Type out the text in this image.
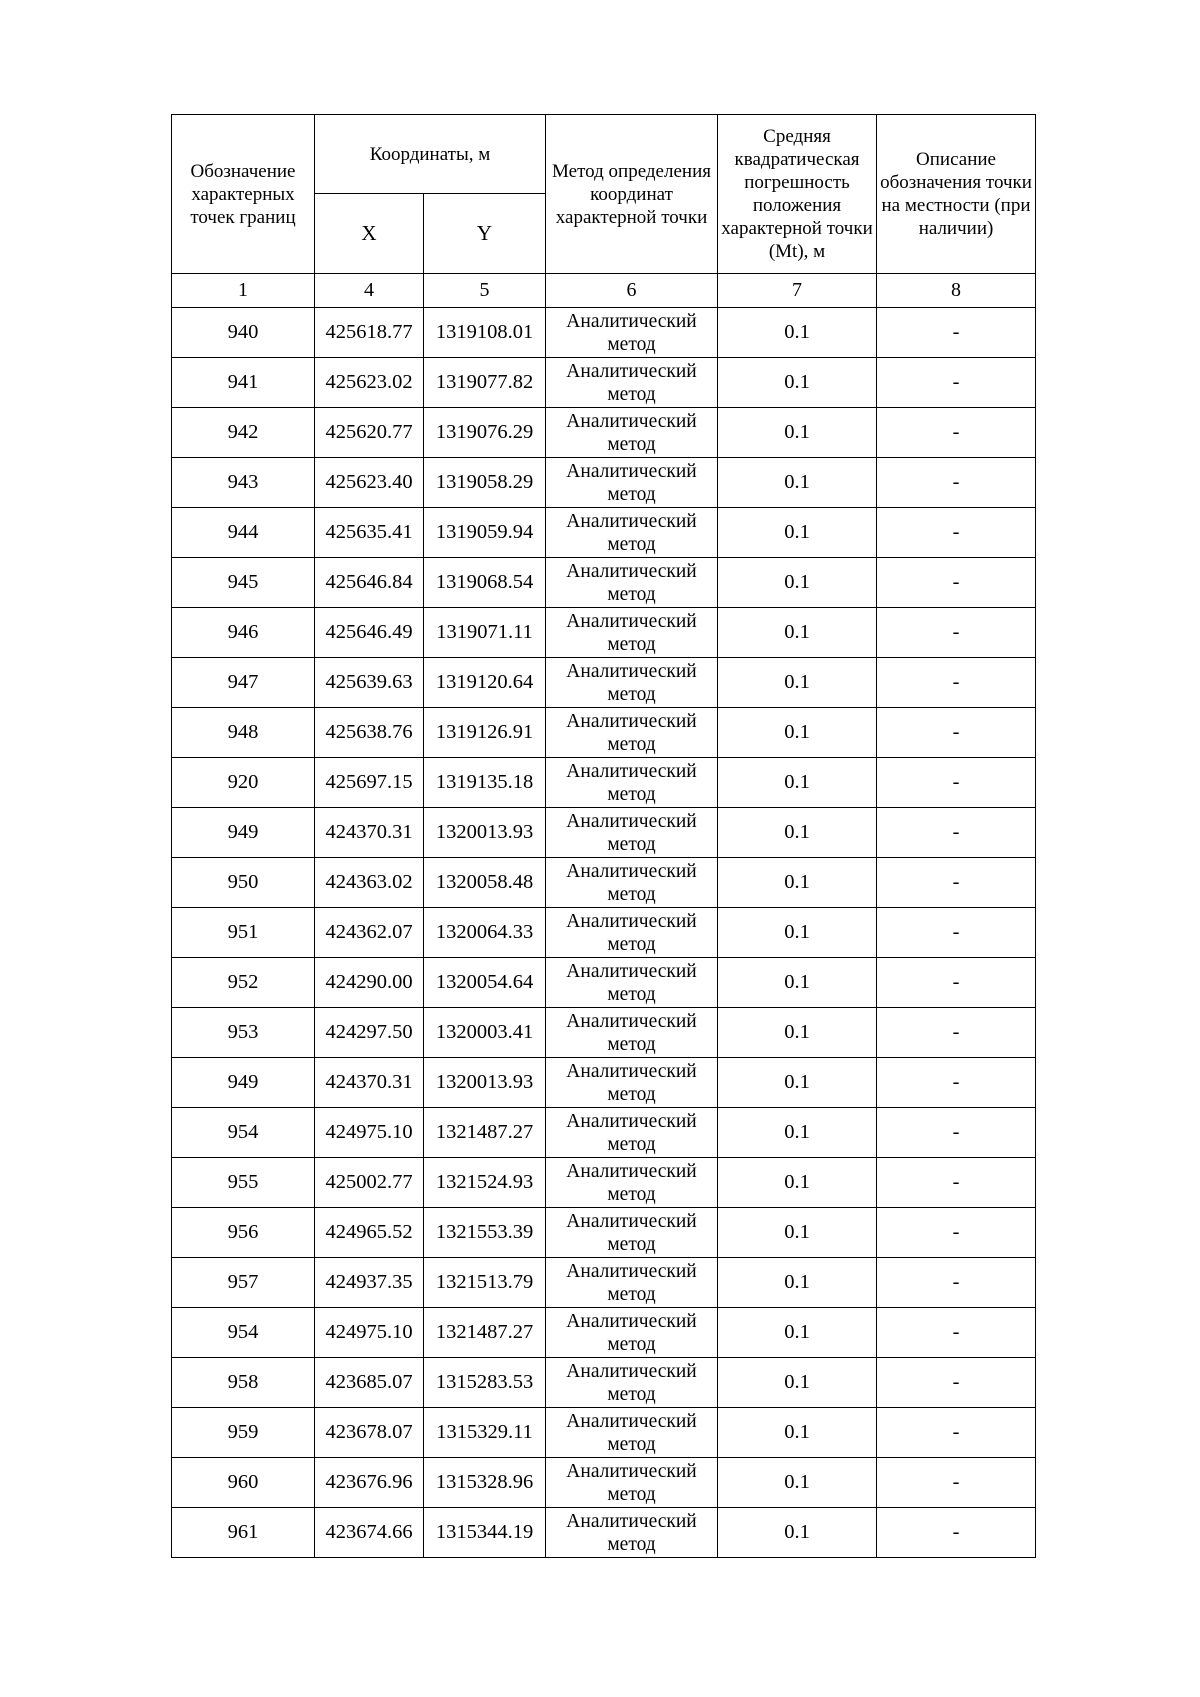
Обозначение характерных точек границ	Координаты, м		Метод определения координат характерной точки	Средняя квадратическая погрешность положения характерной точки (Mt), м	Описание обозначения точки на местности (при наличии)
	X	Y			
1	4	5	6	7	8
940	425618.77	1319108.01	Аналитический метод	0.1	-
941	425623.02	1319077.82	Аналитический метод	0.1	-
942	425620.77	1319076.29	Аналитический метод	0.1	-
943	425623.40	1319058.29	Аналитический метод	0.1	-
944	425635.41	1319059.94	Аналитический метод	0.1	-
945	425646.84	1319068.54	Аналитический метод	0.1	-
946	425646.49	1319071.11	Аналитический метод	0.1	-
947	425639.63	1319120.64	Аналитический метод	0.1	-
948	425638.76	1319126.91	Аналитический метод	0.1	-
920	425697.15	1319135.18	Аналитический метод	0.1	-
949	424370.31	1320013.93	Аналитический метод	0.1	-
950	424363.02	1320058.48	Аналитический метод	0.1	-
951	424362.07	1320064.33	Аналитический метод	0.1	-
952	424290.00	1320054.64	Аналитический метод	0.1	-
953	424297.50	1320003.41	Аналитический метод	0.1	-
949	424370.31	1320013.93	Аналитический метод	0.1	-
954	424975.10	1321487.27	Аналитический метод	0.1	-
955	425002.77	1321524.93	Аналитический метод	0.1	-
956	424965.52	1321553.39	Аналитический метод	0.1	-
957	424937.35	1321513.79	Аналитический метод	0.1	-
954	424975.10	1321487.27	Аналитический метод	0.1	-
958	423685.07	1315283.53	Аналитический метод	0.1	-
959	423678.07	1315329.11	Аналитический метод	0.1	-
960	423676.96	1315328.96	Аналитический метод	0.1	-
961	423674.66	1315344.19	Аналитический метод	0.1	-
